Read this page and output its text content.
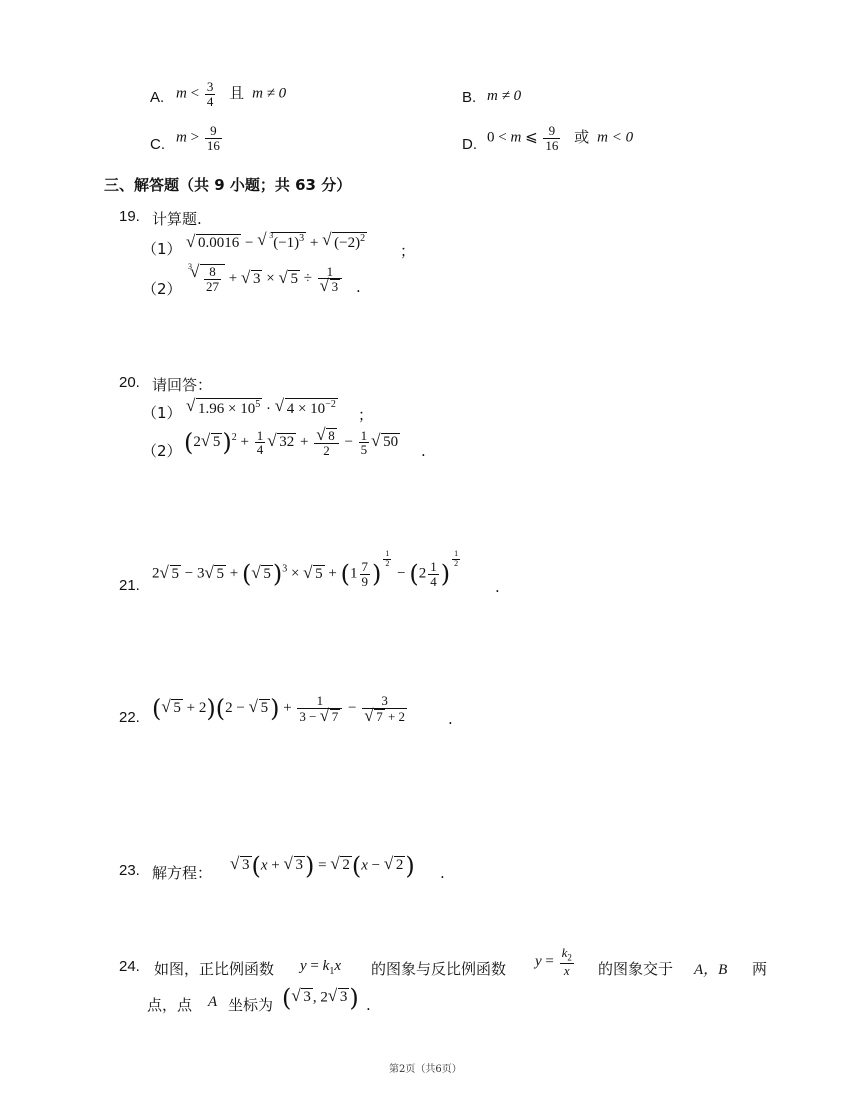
A. $m < \frac{3}{4}$ 且 m ≠ 0	B. m ≠ 0
C. $m > \frac{9}{16}$	D. 0 < m ⩽ $\frac{9}{16}$ 或 m < 0
三、解答题（共 9 小题；共 63 分）
19. 计算题.
（1）	√ 0.0016 − √ $^3(-1)^3$ + √ $(-2)^2$
；
（2）
$^3$ √ $\frac{8}{27}$ + √ 3 × √ 5 ÷ 1
√ 3 .
20. 请回答：
（1）	√ $1.96 \times 10^5$ · √ $4 \times 10^{-2}$
；
（2） (2 √ $5)^2 + \frac{1}{4}$ √ 32 + √ $\frac{8}{2} - \frac{1}{5}$ √ 50 .
21.
2 √ 5 − 3 √ 5 + ( √ 5)$^3$ × √ $5 + (1 \frac{7}{9}$ )
$^{\frac{1}{2}}$
− ($2 \frac{1}{4}$ )
$^{\frac{1}{2}}$
.
22. ( √ 5 + 2)(2 − √ $5) + \frac{1}{3 - √ 7} - 3$
√ 7 + 2	.
23. 解方程：	√ 3(x + √ 3) = √ 2(x − √ 2) .
24. 如图，正比例函数 $y = k_1x$ 的图象与反比例函数 $y = \frac{k_2}{x}$ 的图象交于 A，B 两
点，点 A 坐标为 ( √ 3 , 2 √ 3) .
第2页（共6页）
